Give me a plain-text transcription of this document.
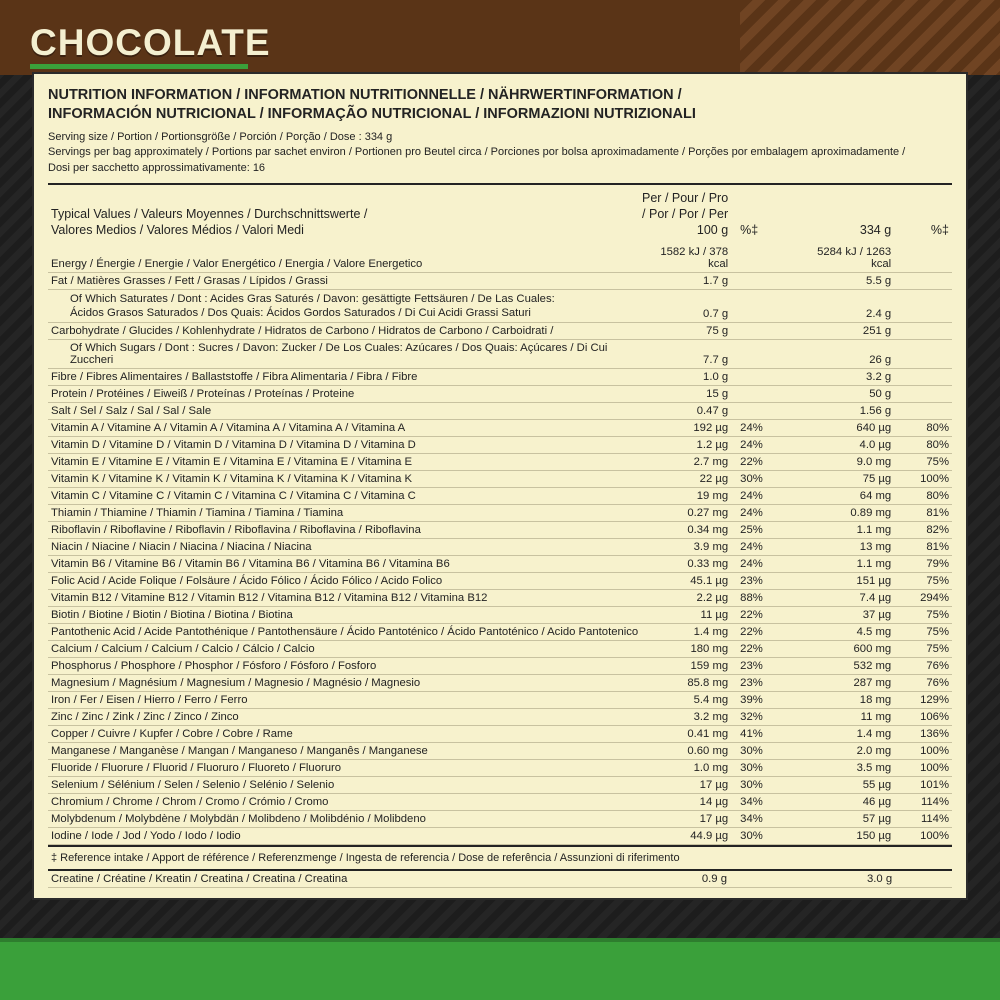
CHOCOLATE
NUTRITION INFORMATION / INFORMATION NUTRITIONNELLE / NÄHRWERTINFORMATION /
INFORMACIÓN NUTRICIONAL / INFORMAÇÃO NUTRICIONAL / INFORMAZIONI NUTRIZIONALI
Serving size / Portion / Portionsgröße / Porción / Porção / Dose : 334 g
Servings per bag approximately / Portions par sachet environ / Portionen pro Beutel circa / Porciones por bolsa aproximadamente / Porções por embalagem aproximadamente /
Dosi per sacchetto approssimativamente: 16
Typical Values / Valeurs Moyennes / Durchschnittswerte /
Valores Medios / Valores Médios / Valori Medi

Per / Pour / Pro / Por / Por / Per
100 g	%‡	334 g	%‡
Energy / Énergie / Energie / Valor Energético / Energia / Valore Energetico	1582 kJ / 378 kcal		5284 kJ / 1263 kcal	
Fat / Matières Grasses / Fett / Grasas / Lípidos / Grassi	1.7 g		5.5 g	

Of Which Saturates / Dont : Acides Gras Saturés / Davon: gesättigte Fettsäuren / De Las Cuales:
Ácidos Grasos Saturados / Dos Quais: Ácidos Gordos Saturados / Di Cui Acidi Grassi Saturi	0.7 g		2.4 g	
Carbohydrate / Glucides / Kohlenhydrate / Hidratos de Carbono / Hidratos de Carbono / Carboidrati /	75 g		251 g	
Of Which Sugars / Dont : Sucres / Davon: Zucker / De Los Cuales: Azúcares / Dos Quais: Açúcares / Di Cui Zuccheri	7.7 g		26 g	
Fibre / Fibres Alimentaires / Ballaststoffe / Fibra Alimentaria / Fibra / Fibre	1.0 g		3.2 g	
Protein / Protéines / Eiweiß / Proteínas / Proteínas / Proteine	15 g		50 g	
Salt / Sel / Salz / Sal / Sal / Sale	0.47 g		1.56 g	
Vitamin A / Vitamine A / Vitamin A / Vitamina A / Vitamina A / Vitamina A	192 µg	24%	640 µg	80%
Vitamin D / Vitamine D / Vitamin D / Vitamina D / Vitamina D / Vitamina D	1.2 µg	24%	4.0 µg	80%
Vitamin E / Vitamine E / Vitamin E / Vitamina E / Vitamina E / Vitamina E	2.7 mg	22%	9.0 mg	75%
Vitamin K / Vitamine K / Vitamin K / Vitamina K / Vitamina K / Vitamina K	22 µg	30%	75 µg	100%
Vitamin C / Vitamine C / Vitamin C / Vitamina C / Vitamina C / Vitamina C	19 mg	24%	64 mg	80%
Thiamin / Thiamine / Thiamin / Tiamina / Tiamina / Tiamina	0.27 mg	24%	0.89 mg	81%
Riboflavin / Riboflavine / Riboflavin / Riboflavina / Riboflavina / Riboflavina	0.34 mg	25%	1.1 mg	82%
Niacin / Niacine / Niacin / Niacina / Niacina / Niacina	3.9 mg	24%	13 mg	81%
Vitamin B6 / Vitamine B6 / Vitamin B6 / Vitamina B6 / Vitamina B6 / Vitamina B6	0.33 mg	24%	1.1 mg	79%
Folic Acid / Acide Folique / Folsäure / Ácido Fólico / Ácido Fólico / Acido Folico	45.1 µg	23%	151 µg	75%
Vitamin B12 / Vitamine B12 / Vitamin B12 / Vitamina B12 / Vitamina B12 / Vitamina B12	2.2 µg	88%	7.4 µg	294%
Biotin / Biotine / Biotin / Biotina / Biotina / Biotina	11 µg	22%	37 µg	75%
Pantothenic Acid / Acide Pantothénique / Pantothensäure / Ácido Pantoténico / Ácido Pantoténico / Acido Pantotenico	1.4 mg	22%	4.5 mg	75%
Calcium / Calcium / Calcium / Calcio / Cálcio / Calcio	180 mg	22%	600 mg	75%
Phosphorus / Phosphore / Phosphor / Fósforo / Fósforo / Fosforo	159 mg	23%	532 mg	76%
Magnesium / Magnésium / Magnesium / Magnesio / Magnésio / Magnesio	85.8 mg	23%	287 mg	76%
Iron / Fer / Eisen / Hierro / Ferro / Ferro	5.4 mg	39%	18 mg	129%
Zinc / Zinc / Zink / Zinc / Zinco / Zinco	3.2 mg	32%	11 mg	106%
Copper / Cuivre / Kupfer / Cobre / Cobre / Rame	0.41 mg	41%	1.4 mg	136%
Manganese / Manganèse / Mangan / Manganeso / Manganês / Manganese	0.60 mg	30%	2.0 mg	100%
Fluoride / Fluorure / Fluorid / Fluoruro / Fluoreto / Fluoruro	1.0 mg	30%	3.5 mg	100%
Selenium / Sélénium / Selen / Selenio / Selénio / Selenio	17 µg	30%	55 µg	101%
Chromium / Chrome / Chrom / Cromo / Crómio / Cromo	14 µg	34%	46 µg	114%
Molybdenum / Molybdène / Molybdän / Molibdeno / Molibdénio / Molibdeno	17 µg	34%	57 µg	114%
Iodine / Iode / Jod / Yodo / Iodo / Iodio	44.9 µg	30%	150 µg	100%
‡ Reference intake / Apport de référence / Referenzmenge / Ingesta de referencia / Dose de referência / Assunzioni di riferimento
Creatine / Créatine / Kreatin / Creatina / Creatina / Creatina	0.9 g		3.0 g	
